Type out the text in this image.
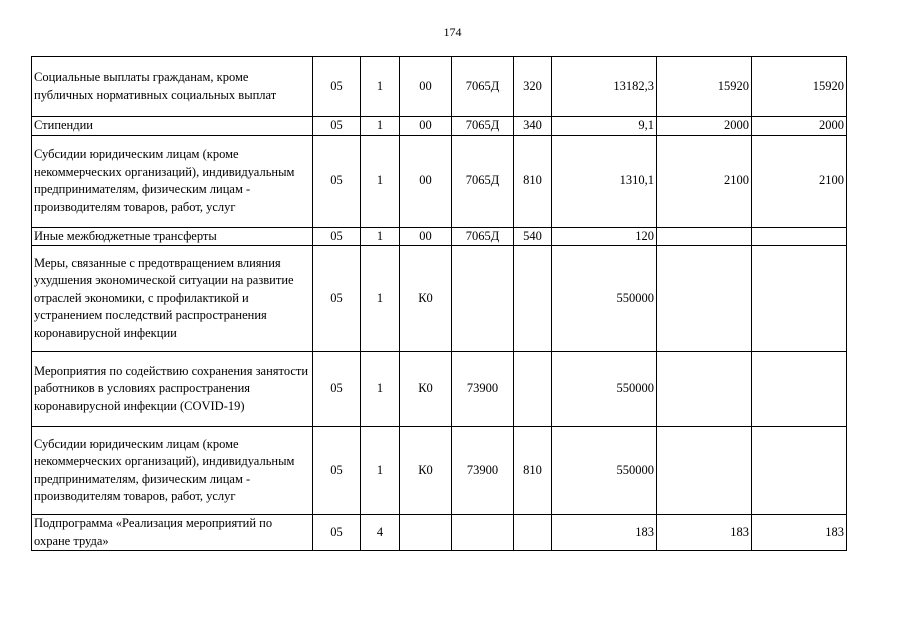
174
Социальные выплаты гражданам, кроме публичных нормативных социальных выплат	05	1	00	7065Д	320	13182,3	15920	15920
Стипендии	05	1	00	7065Д	340	9,1	2000	2000
Субсидии юридическим лицам (кроме некоммерческих организаций), индивидуальным предпринимателям, физическим лицам - производителям товаров, работ, услуг	05	1	00	7065Д	810	1310,1	2100	2100
Иные межбюджетные трансферты	05	1	00	7065Д	540	120		
Меры, связанные с предотвращением влияния ухудшения экономической ситуации на развитие отраслей экономики, с профилактикой и устранением последствий распространения коронавирусной инфекции	05	1	К0			550000		
Мероприятия по содействию сохранения занятости работников в условиях распространения коронавирусной инфекции (COVID-19)	05	1	К0	73900		550000		
Субсидии юридическим лицам (кроме некоммерческих организаций), индивидуальным предпринимателям, физическим лицам - производителям товаров, работ, услуг	05	1	К0	73900	810	550000		
Подпрограмма «Реализация мероприятий по охране труда»	05	4				183	183	183
